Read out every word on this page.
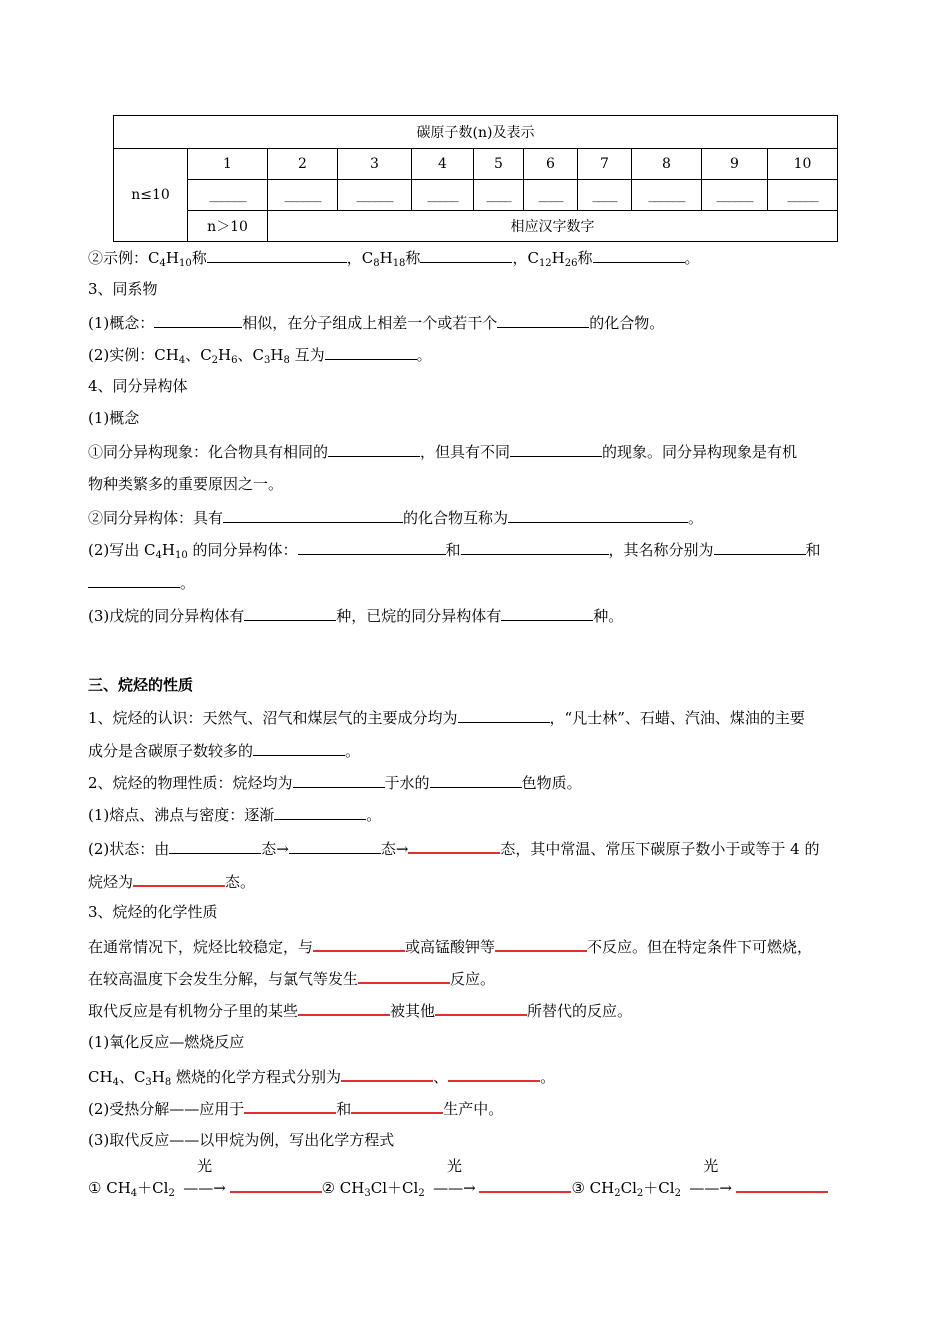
碳原子数(n)及表示										
n≤10	1	2	3	4	5	6	7	8	9	10
	______	______	______	_____	____	____	____	______	______	_____
	n＞10	相应汉字数字								
②示例：$C_4H_{10}$称	，$C_8H_{18}$称	，$C_{12}H_{26}$称	。
3、同系物
(1)概念：	相似，在分子组成上相差一个或若干个	的化合物。
(2)实例：$CH_4$、$C_2H_6$、$C_3H_8$ 互为	。
4、同分异构体
(1)概念
①同分异构现象：化合物具有相同的	，但具有不同	的现象。同分异构现象是有机
物种类繁多的重要原因之一。
②同分异构体：具有	的化合物互称为	。
(2)写出 $C_4H_{10}$ 的同分异构体：	和	，其名称分别为	和
。
(3)戊烷的同分异构体有	种，已烷的同分异构体有	种。
三、烷烃的性质
1、烷烃的认识：天然气、沼气和煤层气的主要成分均为	，“凡士林”、石蜡、汽油、煤油的主要
成分是含碳原子数较多的	。
2、烷烃的物理性质：烷烃均为	于水的	色物质。
(1)熔点、沸点与密度：逐渐	。
(2)状态：由	态→	态→	态，其中常温、常压下碳原子数小于或等于 4 的
烷烃为	态。
3、烷烃的化学性质
在通常情况下，烷烃比较稳定，与	或高锰酸钾等	不反应。但在特定条件下可燃烧，
在较高温度下会发生分解，与氯气等发生	反应。
取代反应是有机物分子里的某些	被其他	所替代的反应。
(1)氧化反应—燃烧反应
$CH_4$、$C_3H_8$ 燃烧的化学方程式分别为	、	。
(2)受热分解——应用于	和	生产中。
(3)取代反应——以甲烷为例，写出化学方程式
① $CH_4+Cl_2$
光
——→	② $CH_3Cl+Cl_2$
光
——→	③ $CH_2Cl_2+Cl_2$
光
——→
